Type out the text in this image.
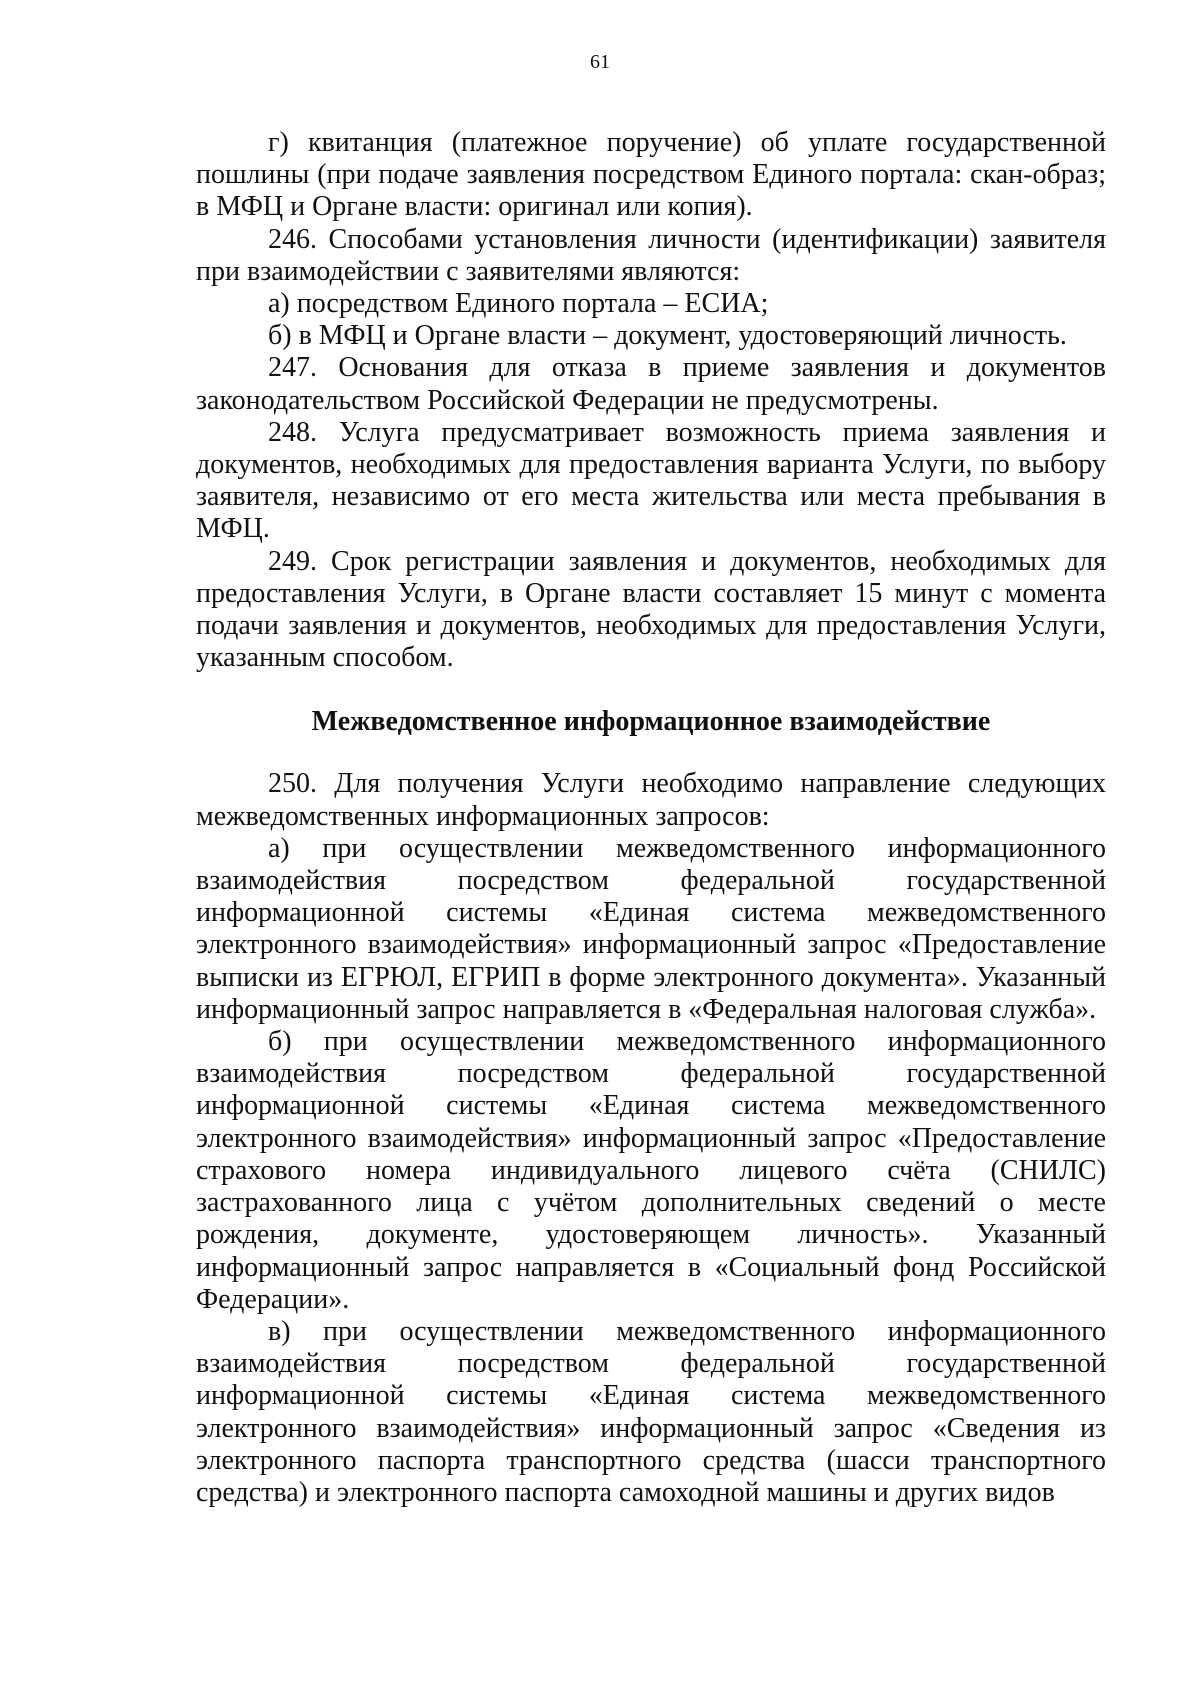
61

г) квитанция (платежное поручение) об уплате государственной пошлины (при подаче заявления посредством Единого портала: скан-образ; в МФЦ и Органе власти: оригинал или копия).

246. Способами установления личности (идентификации) заявителя при взаимодействии с заявителями являются:

а) посредством Единого портала – ЕСИА;

б) в МФЦ и Органе власти – документ, удостоверяющий личность.

247. Основания для отказа в приеме заявления и документов законодательством Российской Федерации не предусмотрены.

248. Услуга предусматривает возможность приема заявления и документов, необходимых для предоставления варианта Услуги, по выбору заявителя, независимо от его места жительства или места пребывания в МФЦ.

249. Срок регистрации заявления и документов, необходимых для предоставления Услуги, в Органе власти составляет 15 минут с момента подачи заявления и документов, необходимых для предоставления Услуги, указанным способом.

Межведомственное информационное взаимодействие

250. Для получения Услуги необходимо направление следующих межведомственных информационных запросов:

а) при осуществлении межведомственного информационного взаимодействия посредством федеральной государственной информационной системы «Единая система межведомственного электронного взаимодействия» информационный запрос «Предоставление выписки из ЕГРЮЛ, ЕГРИП в форме электронного документа». Указанный информационный запрос направляется в «Федеральная налоговая служба».

б) при осуществлении межведомственного информационного взаимодействия посредством федеральной государственной информационной системы «Единая система межведомственного электронного взаимодействия» информационный запрос «Предоставление страхового номера индивидуального лицевого счёта (СНИЛС) застрахованного лица с учётом дополнительных сведений о месте рождения, документе, удостоверяющем личность». Указанный информационный запрос направляется в «Социальный фонд Российской Федерации».

в) при осуществлении межведомственного информационного взаимодействия посредством федеральной государственной информационной системы «Единая система межведомственного электронного взаимодействия» информационный запрос «Сведения из электронного паспорта транспортного средства (шасси транспортного средства) и электронного паспорта самоходной машины и других видов
